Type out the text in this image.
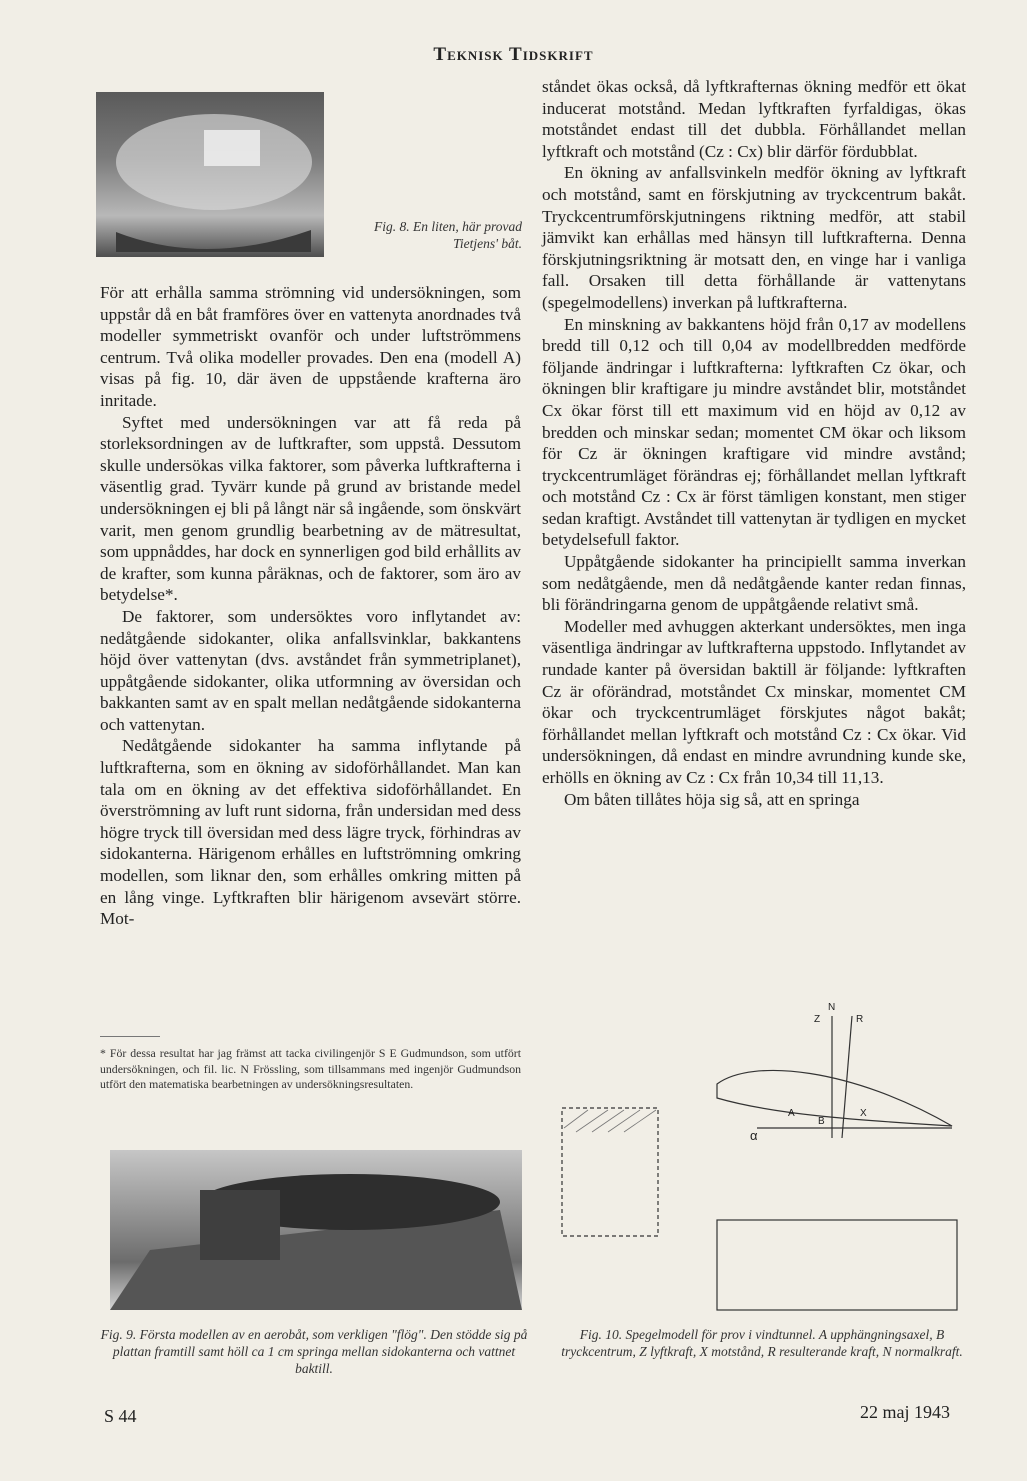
Teknisk Tidskrift
Fig. 8. En liten, här provad Tietjens' båt.

För att erhålla samma strömning vid undersökningen, som uppstår då en båt framföres över en vattenyta anordnades två modeller symmetriskt ovanför och under luftströmmens centrum. Två olika modeller provades. Den ena (modell A) visas på fig. 10, där även de uppstående krafterna äro inritade.

Syftet med undersökningen var att få reda på storleksordningen av de luftkrafter, som uppstå. Dessutom skulle undersökas vilka faktorer, som påverka luftkrafterna i väsentlig grad. Tyvärr kunde på grund av bristande medel undersökningen ej bli på långt när så ingående, som önskvärt varit, men genom grundlig bearbetning av de mätresultat, som uppnåddes, har dock en synnerligen god bild erhållits av de krafter, som kunna påräknas, och de faktorer, som äro av betydelse*.

De faktorer, som undersöktes voro inflytandet av: nedåtgående sidokanter, olika anfallsvinklar, bakkantens höjd över vattenytan (dvs. avståndet från symmetriplanet), uppåtgående sidokanter, olika utformning av översidan och bakkanten samt av en spalt mellan nedåtgående sidokanterna och vattenytan.

Nedåtgående sidokanter ha samma inflytande på luftkrafterna, som en ökning av sidoförhållandet. Man kan tala om en ökning av det effektiva sidoförhållandet. En överströmning av luft runt sidorna, från undersidan med dess högre tryck till översidan med dess lägre tryck, förhindras av sidokanterna. Härigenom erhålles en luftströmning omkring modellen, som liknar den, som erhålles omkring mitten på en lång vinge. Lyftkraften blir härigenom avsevärt större. Mot-

* För dessa resultat har jag främst att tacka civilingenjör S E Gudmundson, som utfört undersökningen, och fil. lic. N Frössling, som tillsammans med ingenjör Gudmundson utfört den matematiska bearbetningen av undersökningsresultaten.

ståndet ökas också, då lyftkrafternas ökning medför ett ökat inducerat motstånd. Medan lyftkraften fyrfaldigas, ökas motståndet endast till det dubbla. Förhållandet mellan lyftkraft och motstånd (Cz : Cx) blir därför fördubblat.

En ökning av anfallsvinkeln medför ökning av lyftkraft och motstånd, samt en förskjutning av tryckcentrum bakåt. Tryckcentrumförskjutningens riktning medför, att stabil jämvikt kan erhållas med hänsyn till luftkrafterna. Denna förskjutningsriktning är motsatt den, en vinge har i vanliga fall. Orsaken till detta förhållande är vattenytans (spegelmodellens) inverkan på luftkrafterna.

En minskning av bakkantens höjd från 0,17 av modellens bredd till 0,12 och till 0,04 av modellbredden medförde följande ändringar i luftkrafterna: lyftkraften Cz ökar, och ökningen blir kraftigare ju mindre avståndet blir, motståndet Cx ökar först till ett maximum vid en höjd av 0,12 av bredden och minskar sedan; momentet CM ökar och liksom för Cz är ökningen kraftigare vid mindre avstånd; tryckcentrumläget förändras ej; förhållandet mellan lyftkraft och motstånd Cz : Cx är först tämligen konstant, men stiger sedan kraftigt. Avståndet till vattenytan är tydligen en mycket betydelsefull faktor.

Uppåtgående sidokanter ha principiellt samma inverkan som nedåtgående, men då nedåtgående kanter redan finnas, bli förändringarna genom de uppåtgående relativt små.

Modeller med avhuggen akterkant undersöktes, men inga väsentliga ändringar av luftkrafterna uppstodo. Inflytandet av rundade kanter på översidan baktill är följande: lyftkraften Cz är oförändrad, motståndet Cx minskar, momentet CM ökar och tryckcentrumläget förskjutes något bakåt; förhållandet mellan lyftkraft och motstånd Cz : Cx ökar. Vid undersökningen, då endast en mindre avrundning kunde ske, erhölls en ökning av Cz : Cx från 10,34 till 11,13.

Om båten tillåtes höja sig så, att en springa

Fig. 9. Första modellen av en aerobåt, som verkligen "flög". Den stödde sig på plattan framtill samt höll ca 1 cm springa mellan sidokanterna och vattnet baktill.
N
Z	R
A
B
X
α
Fig. 10. Spegelmodell för prov i vindtunnel. A upphängningsaxel, B tryckcentrum, Z lyftkraft, X motstånd, R resulterande kraft, N normalkraft.
S 44	22 maj 1943
